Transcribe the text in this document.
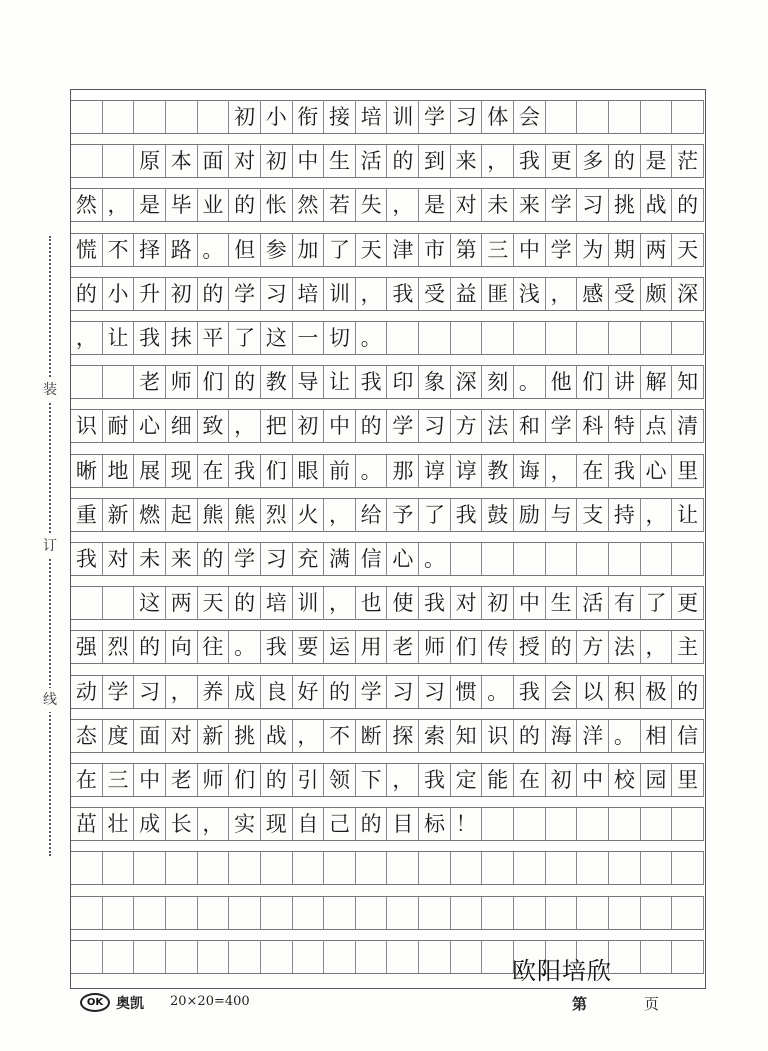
装
订
线
初 小 衔 接 培 训 学 习 体 会
原 本 面 对 初 中 生 活 的 到 来 ， 我 更 多 的 是 茫
然 ， 是 毕 业 的 怅 然 若 失 ， 是 对 未 来 学 习 挑 战 的
慌 不 择 路 。 但 参 加 了 天 津 市 第 三 中 学 为 期 两 天
的 小 升 初 的 学 习 培 训 ， 我 受 益 匪 浅 ， 感 受 颇 深
， 让 我 抹 平 了 这 一 切 。
老 师 们 的 教 导 让 我 印 象 深 刻 。 他 们 讲 解 知
识 耐 心 细 致 ， 把 初 中 的 学 习 方 法 和 学 科 特 点 清
晰 地 展 现 在 我 们 眼 前 。 那 谆 谆 教 诲 ， 在 我 心 里
重 新 燃 起 熊 熊 烈 火 ， 给 予 了 我 鼓 励 与 支 持 ， 让
我 对 未 来 的 学 习 充 满 信 心 。
这 两 天 的 培 训 ， 也 使 我 对 初 中 生 活 有 了 更
强 烈 的 向 往 。 我 要 运 用 老 师 们 传 授 的 方 法 ， 主
动 学 习 ， 养 成 良 好 的 学 习 习 惯 。 我 会 以 积 极 的
态 度 面 对 新 挑 战 ， 不 断 探 索 知 识 的 海 洋 。 相 信
在 三 中 老 师 们 的 引 领 下 ， 我 定 能 在 初 中 校 园 里
茁 壮 成 长 ， 实 现 自 己 的 目 标 ！
欧阳培欣
OK 奥凯 20×20=400	第	页
